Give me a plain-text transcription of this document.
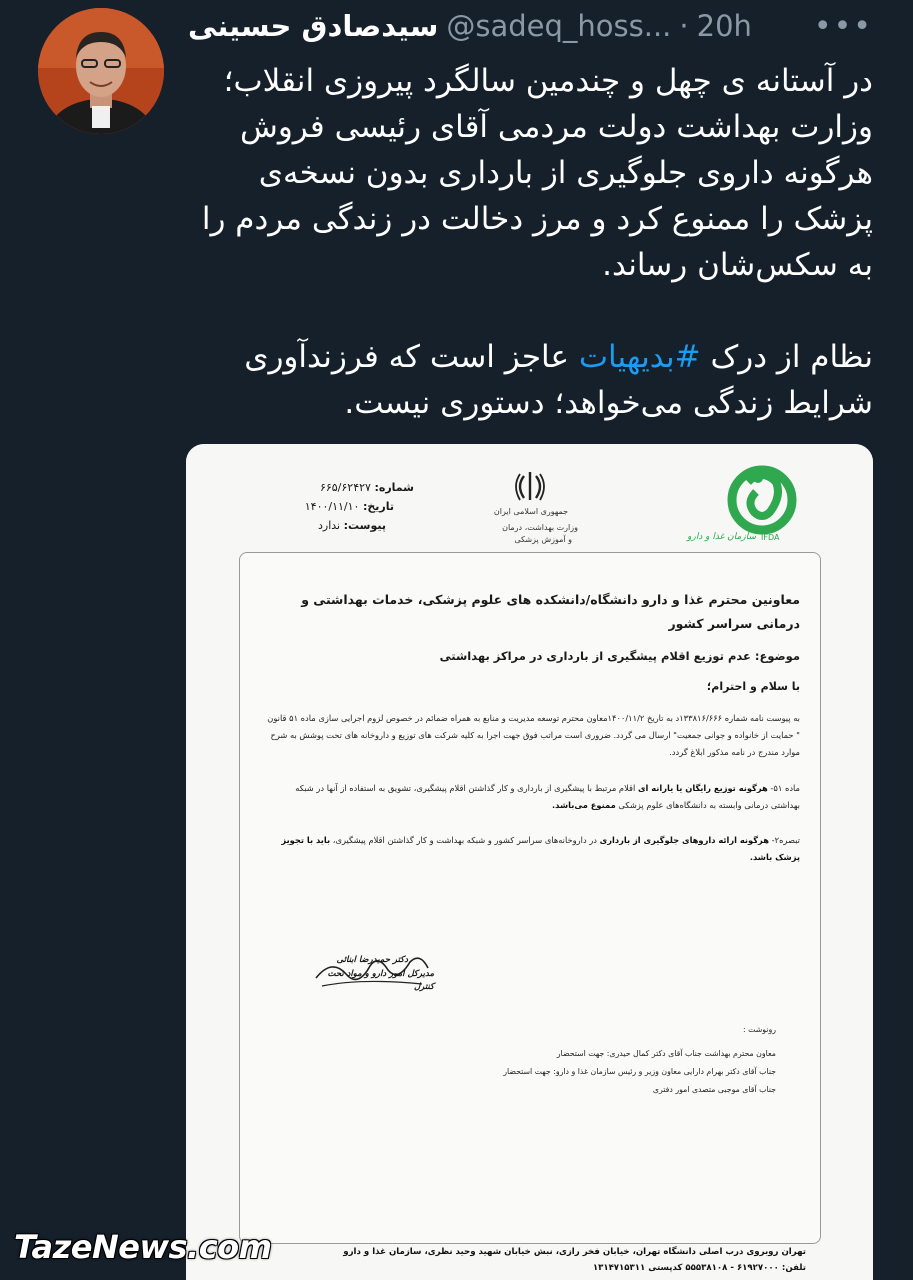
سیدصادق حسینی @sadeq_hoss... · 20h •••

در آستانه ی چهل و چندمین سالگرد پیروزی انقلاب؛ وزارت بهداشت دولت مردمی آقای رئیسی فروش هرگونه داروی جلوگیری از بارداری بدون نسخه‌ی پزشک را ممنوع کرد و مرز دخالت در زندگی مردم را به سکس‌شان رساند.

نظام از درک #بدیهیات عاجز است که فرزندآوری شرایط زندگی می‌خواهد؛ دستوری نیست.

سازمان غذا و دارو IFDA
جمهوری اسلامی ایران
وزارت بهداشت، درمان
و آموزش پزشکی
شماره: ۶۶۵/۶۲۴۲۷
تاریخ: ۱۴۰۰/۱۱/۱۰
پیوست: ندارد
معاونین محترم غذا و دارو دانشگاه/دانشکده های علوم پزشکی، خدمات بهداشتی و درمانی سراسر کشور
موضوع: عدم توزیع اقلام پیشگیری از بارداری در مراکز بهداشتی
با سلام و احترام؛
به پیوست نامه شماره ۱۳۳۸۱۶/۶۶۶د به تاریخ ۱۴۰۰/۱۱/۲معاون محترم توسعه مدیریت و منابع به همراه ضمائم در خصوص لزوم اجرایی سازی ماده ۵۱ قانون " حمایت از خانواده و جوانی جمعیت" ارسال می گردد. ضروری است مراتب فوق جهت اجرا به کلیه شرکت های توزیع و داروخانه های تحت پوشش به شرح موارد مندرج در نامه مذکور ابلاغ گردد.
ماده ۵۱- هرگونه توزیع رایگان یا یارانه ای اقلام مرتبط با پیشگیری از بارداری و کار گذاشتن اقلام پیشگیری، تشویق به استفاده از آنها در شبکه بهداشتی درمانی وابسته به دانشگاه‌های علوم پزشکی ممنوع می‌باشد.
تبصره۲- هرگونه ارائه داروهای جلوگیری از بارداری در داروخانه‌های سراسر کشور و شبکه بهداشت و کار گذاشتن اقلام پیشگیری، باید با تجویز پزشک باشد.
دکتر حمیدرضا ابنائی
مدیرکل امور دارو و مواد تحت کنترل
رونوشت :
معاون محترم بهداشت جناب آقای دکتر کمال حیدری: جهت استحضار
جناب آقای دکتر بهرام دارایی معاون وزیر و رئیس سازمان غذا و دارو: جهت استحضار
جناب آقای موجبی متصدی امور دفتری
تهران روبروی درب اصلی دانشگاه تهران، خیابان فخر رازی، نبش خیابان شهید وحید نظری، سازمان غذا و دارو
تلفن: ۶۱۹۲۷۰۰۰ - ۵۵۵۳۸۱۰۸ کدپستی ۱۳۱۴۷۱۵۳۱۱
TazeNews.com
